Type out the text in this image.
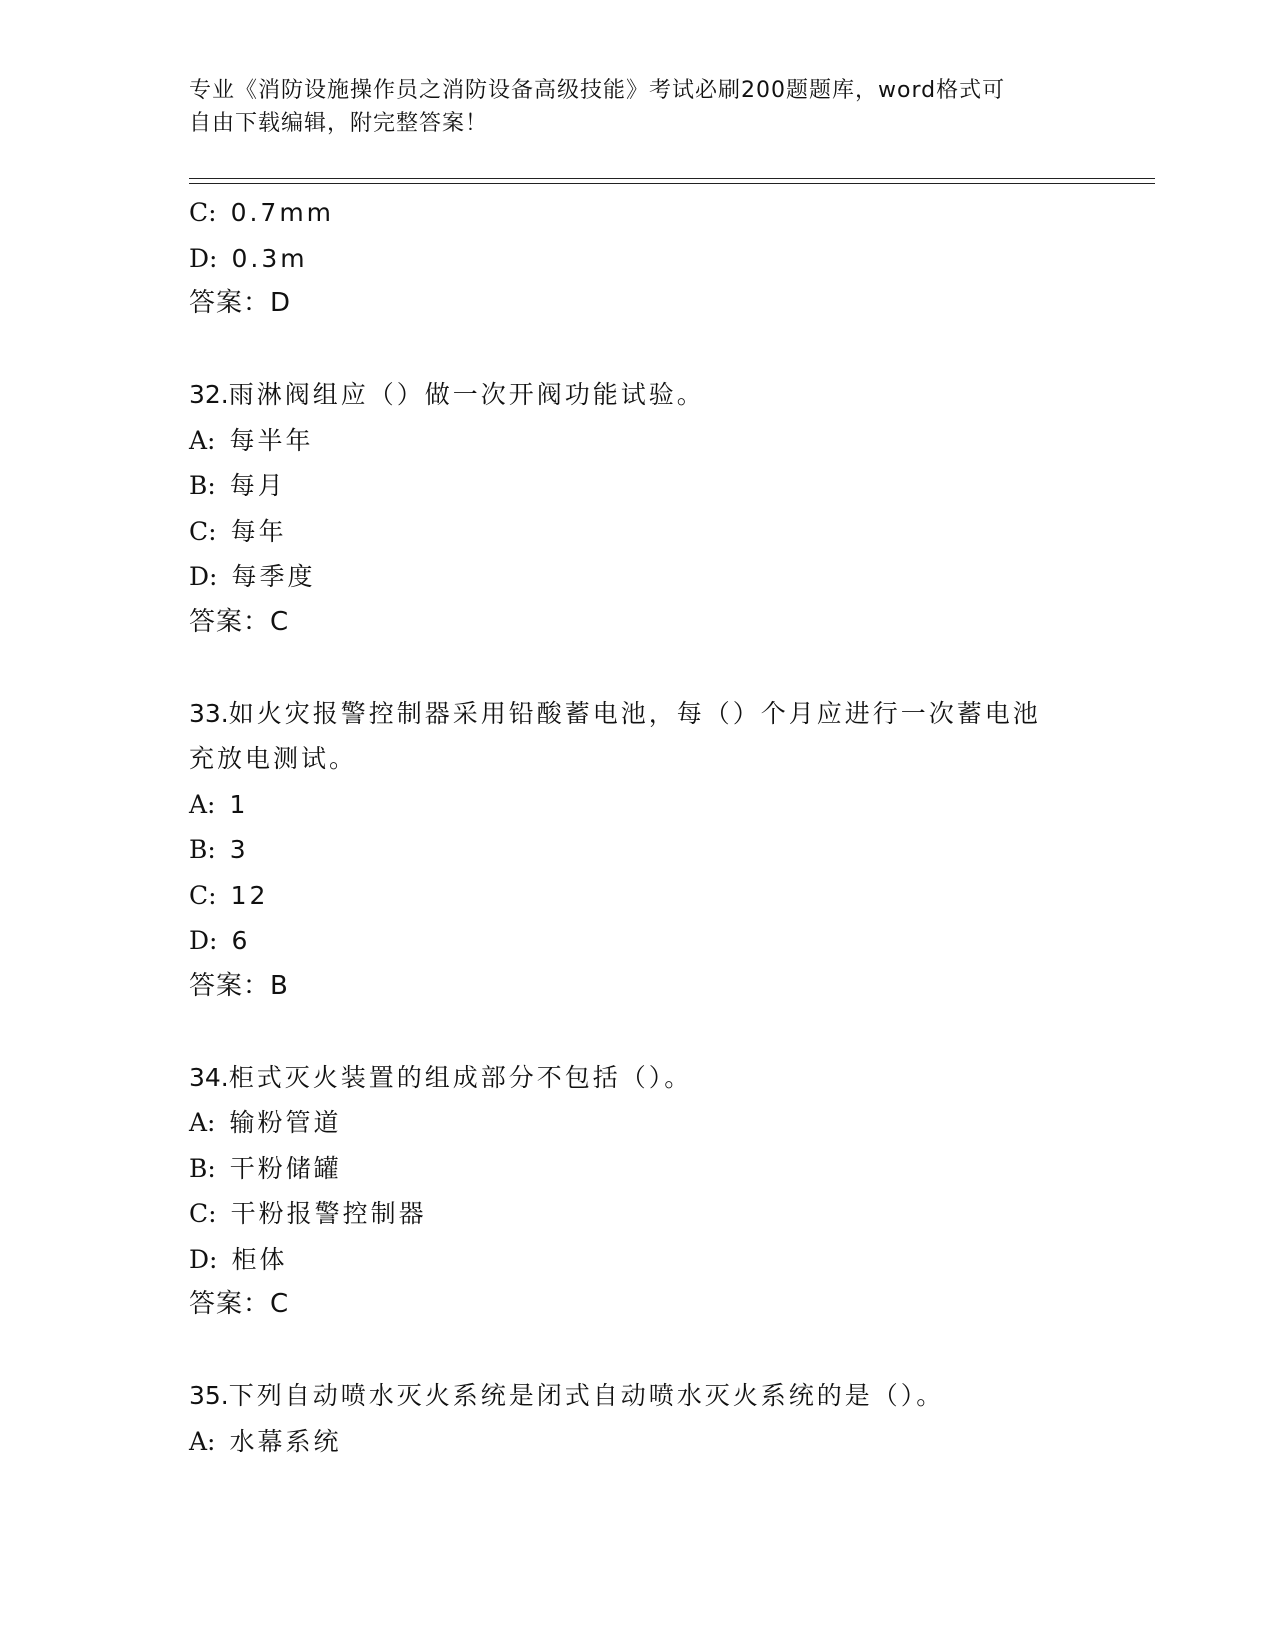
专业《消防设施操作员之消防设备高级技能》考试必刷200题题库，word格式可
自由下载编辑，附完整答案！
C: 0.7mm
D: 0.3m
答案：D
32.雨淋阀组应（）做一次开阀功能试验。
A: 每半年
B: 每月
C: 每年
D: 每季度
答案：C
33.如火灾报警控制器采用铅酸蓄电池，每（）个月应进行一次蓄电池
充放电测试。
A: 1
B: 3
C: 12
D: 6
答案：B
34.柜式灭火装置的组成部分不包括（）。
A: 输粉管道
B: 干粉储罐
C: 干粉报警控制器
D: 柜体
答案：C
35.下列自动喷水灭火系统是闭式自动喷水灭火系统的是（）。
A: 水幕系统
